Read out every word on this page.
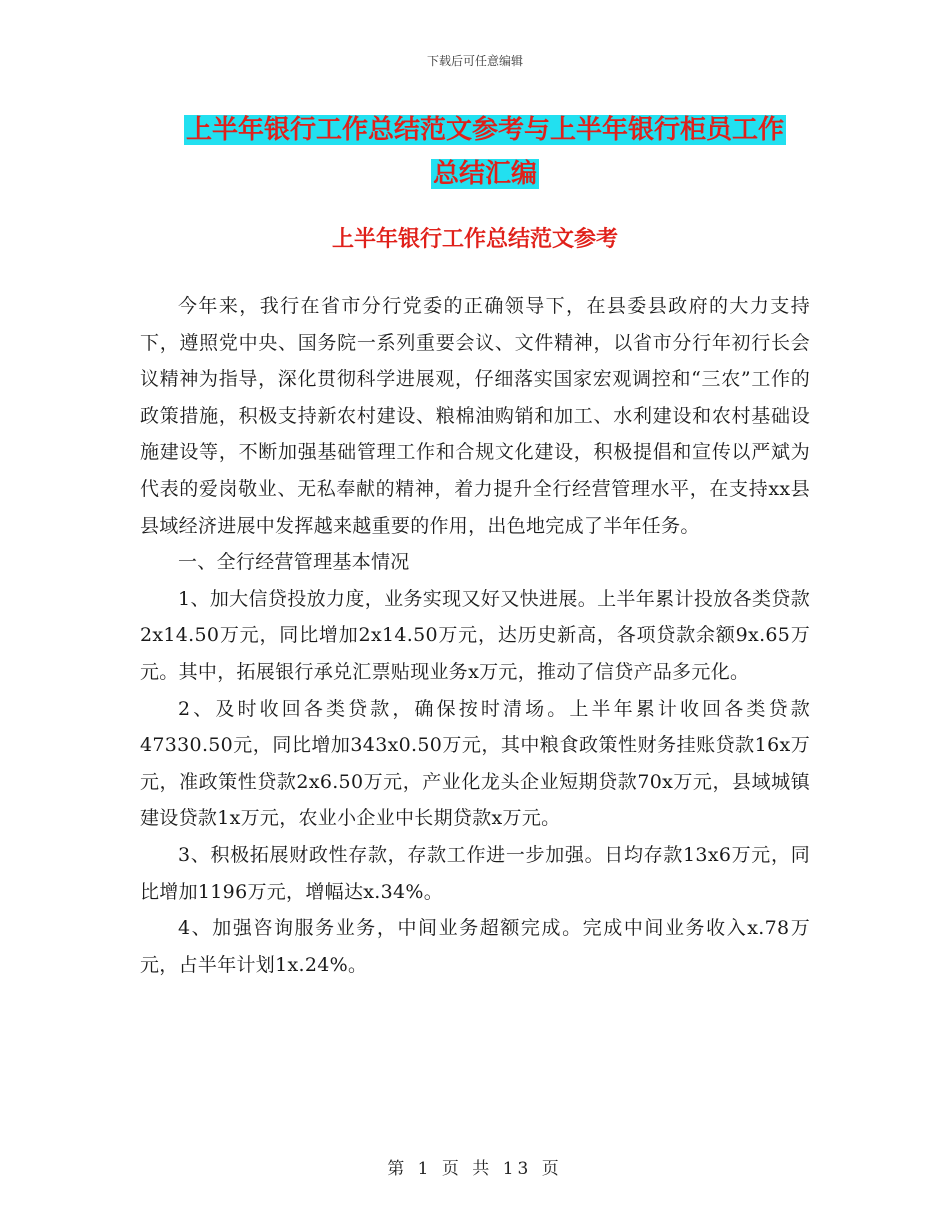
下载后可任意编辑
上半年银行工作总结范文参考与上半年银行柜员工作
总结汇编
上半年银行工作总结范文参考

今年来，我行在省市分行党委的正确领导下，在县委县政府的大力支持下，遵照党中央、国务院一系列重要会议、文件精神，以省市分行年初行长会议精神为指导，深化贯彻科学进展观，仔细落实国家宏观调控和“三农”工作的政策措施，积极支持新农村建设、粮棉油购销和加工、水利建设和农村基础设施建设等，不断加强基础管理工作和合规文化建设，积极提倡和宣传以严斌为代表的爱岗敬业、无私奉献的精神，着力提升全行经营管理水平，在支持xx县县域经济进展中发挥越来越重要的作用，出色地完成了半年任务。

一、全行经营管理基本情况

1、加大信贷投放力度，业务实现又好又快进展。上半年累计投放各类贷款2x14.50万元，同比增加2x14.50万元，达历史新高，各项贷款余额9x.65万元。其中，拓展银行承兑汇票贴现业务x万元，推动了信贷产品多元化。

2、及时收回各类贷款，确保按时清场。上半年累计收回各类贷款47330.50元，同比增加343x0.50万元，其中粮食政策性财务挂账贷款16x万元，准政策性贷款2x6.50万元，产业化龙头企业短期贷款70x万元，县域城镇建设贷款1x万元，农业小企业中长期贷款x万元。

3、积极拓展财政性存款，存款工作进一步加强。日均存款13x6万元，同比增加1196万元，增幅达x.34%。

4、加强咨询服务业务，中间业务超额完成。完成中间业务收入x.78万元，占半年计划1x.24%。

第 1 页 共 13 页
